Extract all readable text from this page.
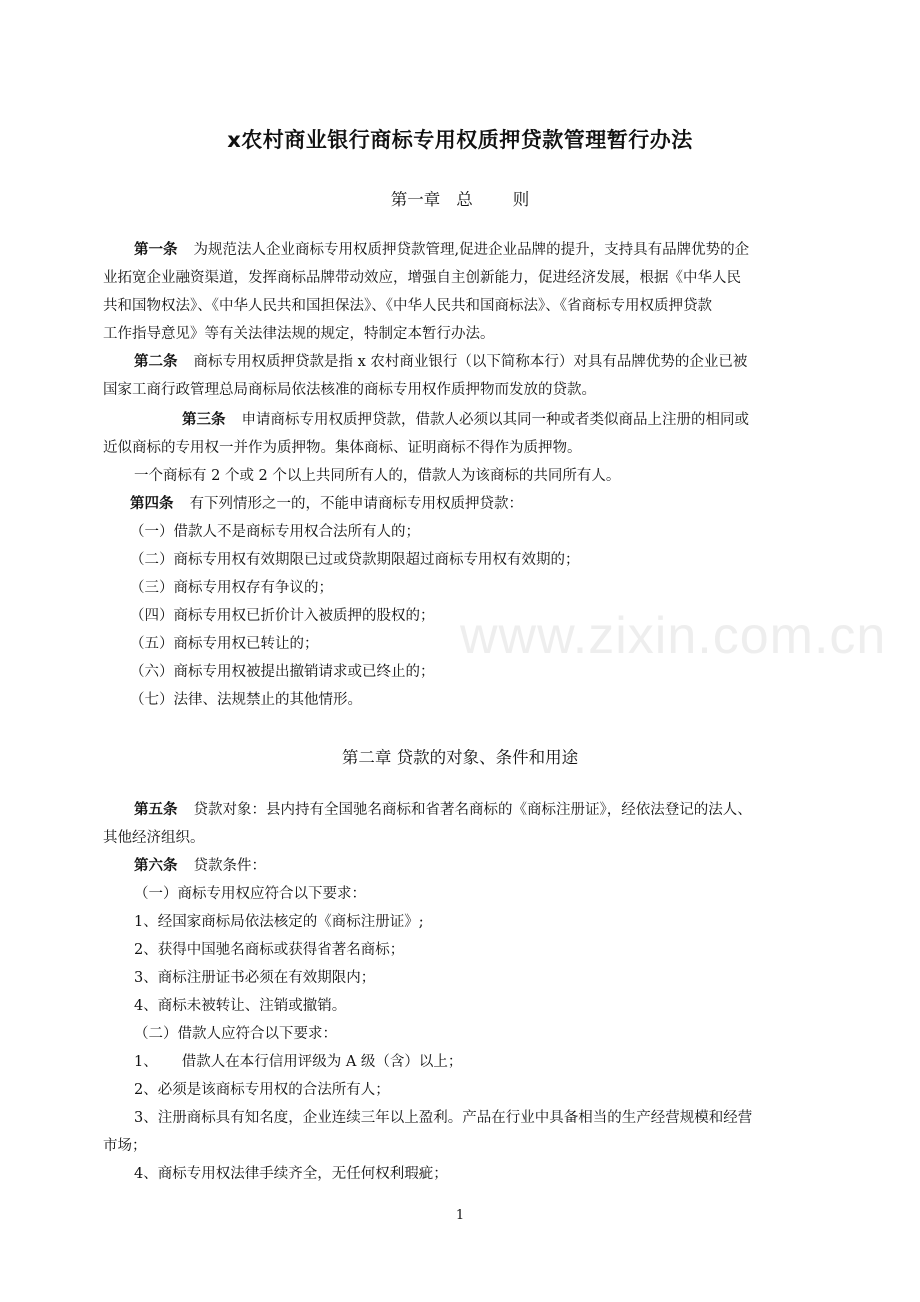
x农村商业银行商标专用权质押贷款管理暂行办法
第一章 总 则
第一条 为规范法人企业商标专用权质押贷款管理,促进企业品牌的提升，支持具有品牌优势的企
业拓宽企业融资渠道，发挥商标品牌带动效应，增强自主创新能力，促进经济发展，根据《中华人民
共和国物权法》、《中华人民共和国担保法》、《中华人民共和国商标法》、《省商标专用权质押贷款
工作指导意见》等有关法律法规的规定，特制定本暂行办法。
第二条 商标专用权质押贷款是指 x 农村商业银行（以下简称本行）对具有品牌优势的企业已被
国家工商行政管理总局商标局依法核准的商标专用权作质押物而发放的贷款。
第三条 申请商标专用权质押贷款，借款人必须以其同一种或者类似商品上注册的相同或
近似商标的专用权一并作为质押物。集体商标、证明商标不得作为质押物。
一个商标有 2 个或 2 个以上共同所有人的，借款人为该商标的共同所有人。
第四条 有下列情形之一的，不能申请商标专用权质押贷款：
（一）借款人不是商标专用权合法所有人的；
（二）商标专用权有效期限已过或贷款期限超过商标专用权有效期的；
（三）商标专用权存有争议的；
（四）商标专用权已折价计入被质押的股权的；
（五）商标专用权已转让的；
（六）商标专用权被提出撤销请求或已终止的；
（七）法律、法规禁止的其他情形。
第二章 贷款的对象、条件和用途
第五条 贷款对象：县内持有全国驰名商标和省著名商标的《商标注册证》，经依法登记的法人、
其他经济组织。
第六条 贷款条件：
（一）商标专用权应符合以下要求：
1、经国家商标局依法核定的《商标注册证》;
2、获得中国驰名商标或获得省著名商标；
3、商标注册证书必须在有效期限内；
4、商标未被转让、注销或撤销。
（二）借款人应符合以下要求：
1、 借款人在本行信用评级为 A 级（含）以上；
2、必须是该商标专用权的合法所有人；
3、注册商标具有知名度，企业连续三年以上盈利。产品在行业中具备相当的生产经营规模和经营
市场；
4、商标专用权法律手续齐全，无任何权利瑕疵；
www.zixin.com.cn
1
